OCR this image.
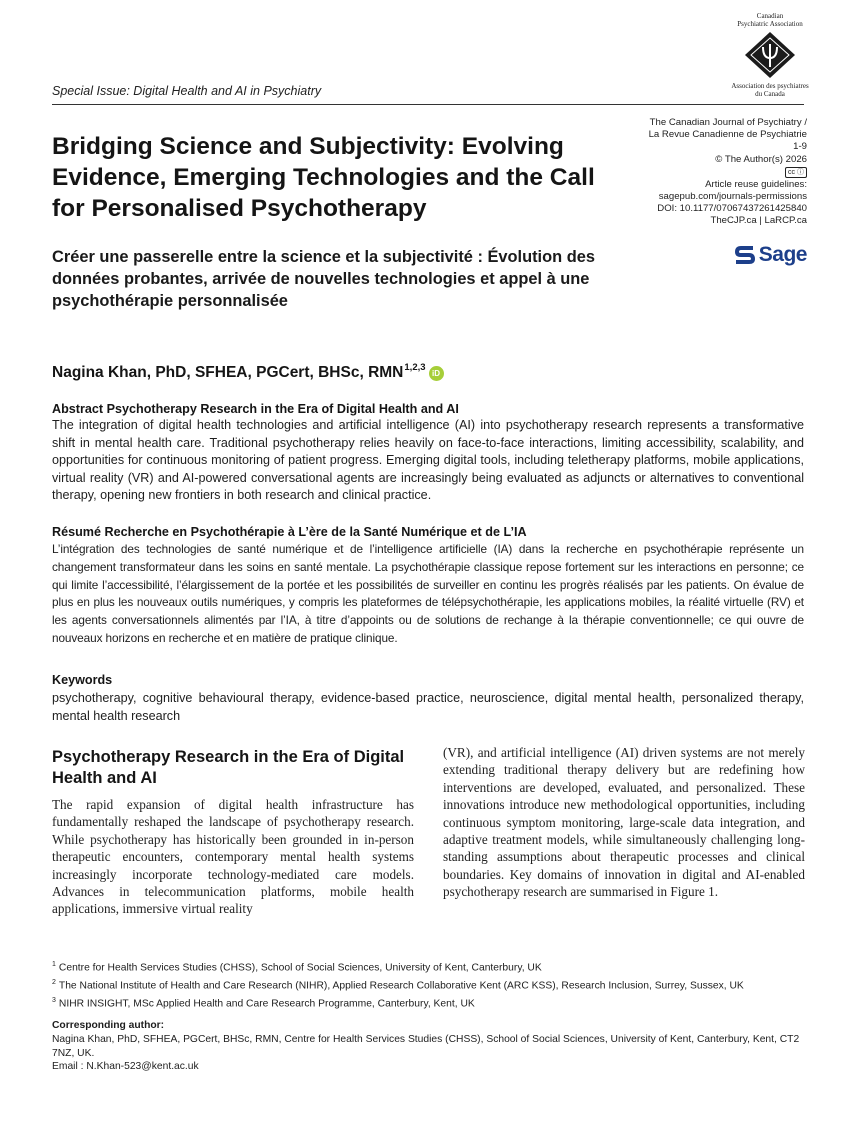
Special Issue: Digital Health and AI in Psychiatry
Canadian
Psychiatric Association
Association des psychiatres
du Canada
The Canadian Journal of Psychiatry /
La Revue Canadienne de Psychiatrie
1-9
© The Author(s) 2026
cc ⓘ
Article reuse guidelines:
sagepub.com/journals-permissions
DOI: 10.1177/07067437261425840
TheCJP.ca | LaRCP.ca
Sage
Bridging Science and Subjectivity: Evolving Evidence, Emerging Technologies and the Call for Personalised Psychotherapy
Créer une passerelle entre la science et la subjectivité : Évolution des données probantes, arrivée de nouvelles technologies et appel à une psychothérapie personnalisée
Nagina Khan, PhD, SFHEA, PGCert, BHSc, RMN$^{1,2,3}$
iD
Abstract Psychotherapy Research in the Era of Digital Health and AI
The integration of digital health technologies and artificial intelligence (AI) into psychotherapy research represents a transformative shift in mental health care. Traditional psychotherapy relies heavily on face-to-face interactions, limiting accessibility, scalability, and opportunities for continuous monitoring of patient progress. Emerging digital tools, including teletherapy platforms, mobile applications, virtual reality (VR) and AI-powered conversational agents are increasingly being evaluated as adjuncts or alternatives to conventional therapy, opening new frontiers in both research and clinical practice.
Résumé Recherche en Psychothérapie à L’ère de la Santé Numérique et de L’IA
L’intégration des technologies de santé numérique et de l’intelligence artificielle (IA) dans la recherche en psychothérapie représente un changement transformateur dans les soins en santé mentale. La psychothérapie classique repose fortement sur les interactions en personne; ce qui limite l’accessibilité, l’élargissement de la portée et les possibilités de surveiller en continu les progrès réalisés par les patients. On évalue de plus en plus les nouveaux outils numériques, y compris les plateformes de télépsychothérapie, les applications mobiles, la réalité virtuelle (RV) et les agents conversationnels alimentés par l’IA, à titre d’appoints ou de solutions de rechange à la thérapie conventionnelle; ce qui ouvre de nouveaux horizons en recherche et en matière de pratique clinique.
Keywords
psychotherapy, cognitive behavioural therapy, evidence-based practice, neuroscience, digital mental health, personalized therapy, mental health research
Psychotherapy Research in the Era of Digital Health and AI
The rapid expansion of digital health infrastructure has fundamentally reshaped the landscape of psychotherapy research. While psychotherapy has historically been grounded in in-person therapeutic encounters, contemporary mental health systems increasingly incorporate technology-mediated care models. Advances in telecommunication platforms, mobile health applications, immersive virtual reality
(VR), and artificial intelligence (AI) driven systems are not merely extending traditional therapy delivery but are redefining how interventions are developed, evaluated, and personalized. These innovations introduce new methodological opportunities, including continuous symptom monitoring, large-scale data integration, and adaptive treatment models, while simultaneously challenging long-standing assumptions about therapeutic processes and clinical boundaries. Key domains of innovation in digital and AI-enabled psychotherapy research are summarised in Figure 1.
$^1$ Centre for Health Services Studies (CHSS), School of Social Sciences, University of Kent, Canterbury, UK
$^2$ The National Institute of Health and Care Research (NIHR), Applied Research Collaborative Kent (ARC KSS), Research Inclusion, Surrey, Sussex, UK
$^3$ NIHR INSIGHT, MSc Applied Health and Care Research Programme, Canterbury, Kent, UK
Corresponding author:
Nagina Khan, PhD, SFHEA, PGCert, BHSc, RMN, Centre for Health Services Studies (CHSS), School of Social Sciences, University of Kent, Canterbury, Kent, CT2 7NZ, UK.
Email : N.Khan-523@kent.ac.uk
